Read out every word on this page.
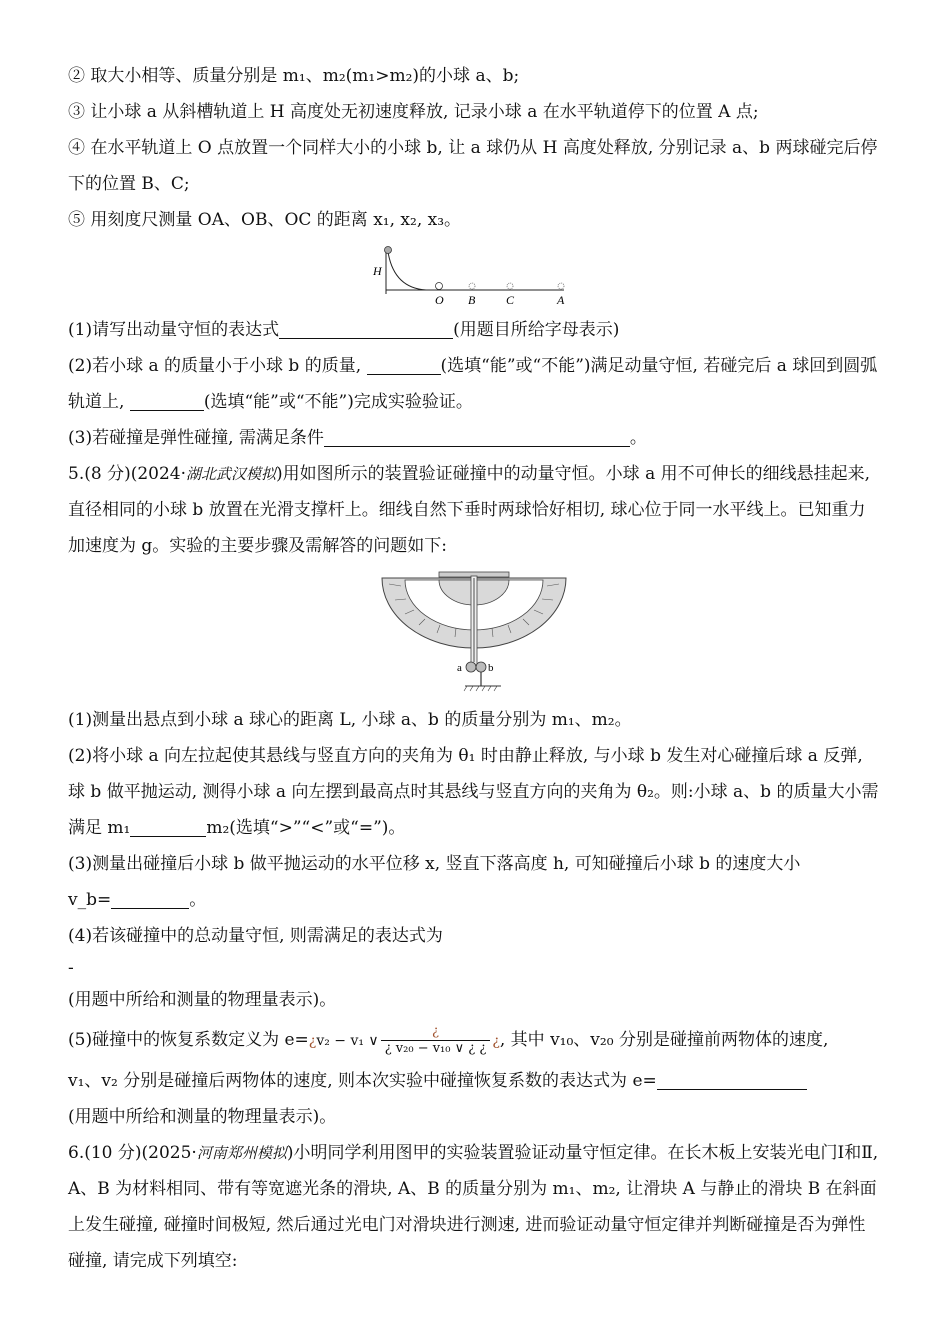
② 取大小相等、质量分别是 m₁、m₂(m₁>m₂)的小球 a、b;

③ 让小球 a 从斜槽轨道上 H 高度处无初速度释放, 记录小球 a 在水平轨道停下的位置 A 点;

④ 在水平轨道上 O 点放置一个同样大小的小球 b, 让 a 球仍从 H 高度处释放, 分别记录 a、b 两球碰完后停下的位置 B、C;

⑤ 用刻度尺测量 OA、OB、OC 的距离 x₁, x₂, x₃。

H
O B	C	A

(1)请写出动量守恒的表达式	(用题目所给字母表示)

(2)若小球 a 的质量小于小球 b 的质量,	(选填“能”或“不能”)满足动量守恒, 若碰完后 a 球回到圆弧轨道上,	(选填“能”或“不能”)完成实验验证。

(3)若碰撞是弹性碰撞, 需满足条件	。

5.(8 分)(2024·湖北武汉模拟)用如图所示的装置验证碰撞中的动量守恒。小球 a 用不可伸长的细线悬挂起来, 直径相同的小球 b 放置在光滑支撑杆上。细线自然下垂时两球恰好相切, 球心位于同一水平线上。已知重力加速度为 g。实验的主要步骤及需解答的问题如下:

a b

(1)测量出悬点到小球 a 球心的距离 L, 小球 a、b 的质量分别为 m₁、m₂。

(2)将小球 a 向左拉起使其悬线与竖直方向的夹角为 θ₁ 时由静止释放, 与小球 b 发生对心碰撞后球 a 反弹, 球 b 做平抛运动, 测得小球 a 向左摆到最高点时其悬线与竖直方向的夹角为 θ₂。则:小球 a、b 的质量大小需满足 m₁	m₂(选填“>”“<”或“=”)。

(3)测量出碰撞后小球 b 做平抛运动的水平位移 x, 竖直下落高度 h, 可知碰撞后小球 b 的速度大小
v_b=	。

(4)若该碰撞中的总动量守恒, 则需满足的表达式为

-

(用题中所给和测量的物理量表示)。

(5)碰撞中的恢复系数定义为 e=¿v₂ − v₁ ∨ $\frac{¿}{\text{¿ v₂₀ − v₁₀ ∨ ¿ ¿}}$ ¿, 其中 v₁₀、v₂₀ 分别是碰撞前两物体的速度,

v₁、v₂ 分别是碰撞后两物体的速度, 则本次实验中碰撞恢复系数的表达式为 e=

(用题中所给和测量的物理量表示)。

6.(10 分)(2025·河南郑州模拟)小明同学利用图甲的实验装置验证动量守恒定律。在长木板上安装光电门Ⅰ和Ⅱ, A、B 为材料相同、带有等宽遮光条的滑块, A、B 的质量分别为 m₁、m₂, 让滑块 A 与静止的滑块 B 在斜面上发生碰撞, 碰撞时间极短, 然后通过光电门对滑块进行测速, 进而验证动量守恒定律并判断碰撞是否为弹性碰撞, 请完成下列填空:
